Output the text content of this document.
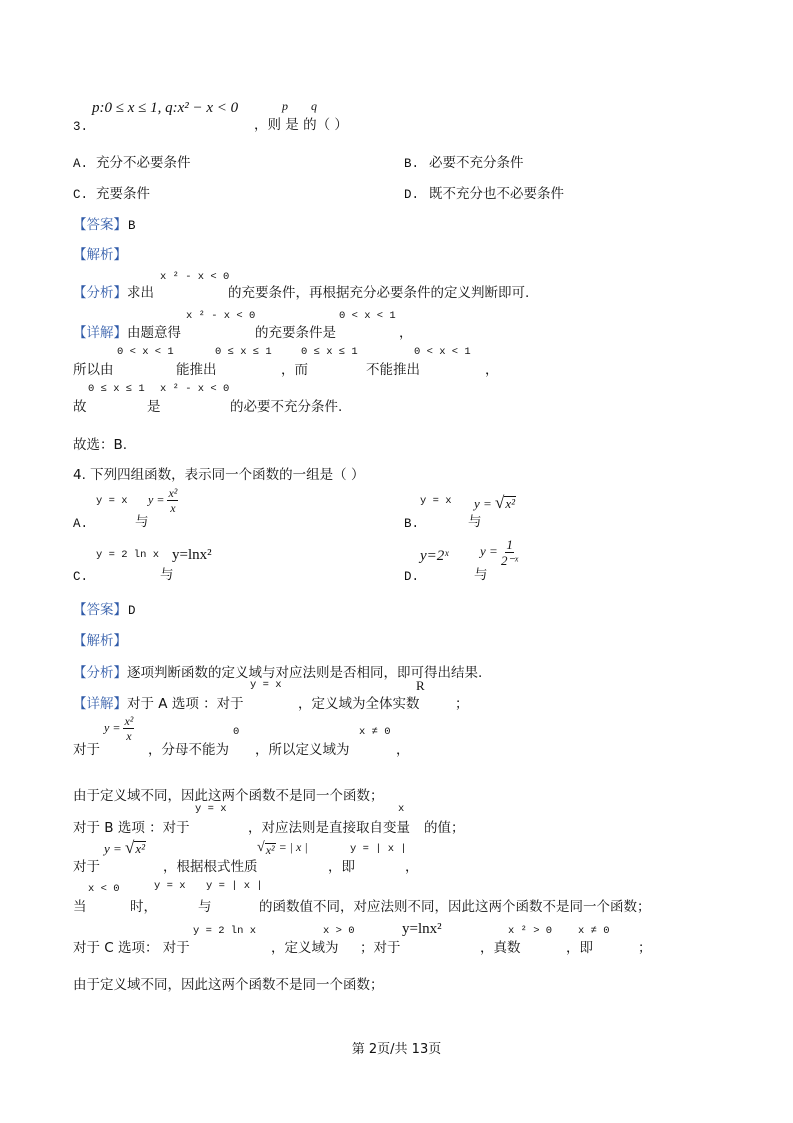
p:0 ≤ x ≤ 1, q:x² − x < 0	p q
3.	，则 是 的（ ）
A. 充分不必要条件	B. 必要不充分条件
C. 充要条件	D. 既不充分也不必要条件
【答案】 B
【解析】
x ² - x < 0
【分析】求出	的充要条件，再根据充分必要条件的定义判断即可.
x ² - x < 0	0 < x < 1
【详解】由题意得	的充要条件是	，
0 < x < 1	0 ≤ x ≤ 1	0 ≤ x ≤ 1	0 < x < 1
所以由	能推出	，而	不能推出	，
0 ≤ x ≤ 1 x ² - x < 0
故	是	的必要不充分条件.
故选：B.
4. 下列四组函数，表示同一个函数的一组是（ ）
y = x $y = \frac{\text{x²}}{x}$
A.	与
y = x y = √ x²
B.	与
y = 2 ln x y=lnx²
C.	与
y=2ˣ $y = \frac{1}{\text{2⁻ˣ}}$
D.	与
【答案】 D
【解析】
【分析】逐项判断函数的定义域与对应法则是否相同，即可得出结果.
y = x	R
【详解】对于 A 选项 ：对于	，定义域为全体实数	；
$y = \frac{\text{x²}}{x}$	0	x ≠ 0
对于	，分母不能为 ，所以定义域为	，
由于定义域不同，因此这两个函数不是同一个函数；
y = x	x
对于 B 选项 ：对于	，对应法则是直接取自变量 的值；
y = √ x²	√ x² = | x |	y = | x |
对于	，根据根式性质	，即	，
x < 0	y = x y = | x |
当	时，	与	的函数值不同，对应法则不同，因此这两个函数不是同一个函数；
y = 2 ln x	x > 0	y=lnx²	x ² > 0 x ≠ 0
对于 C 选项： 对于	，定义域为 ；对于	，真数	，即	；
由于定义域不同，因此这两个函数不是同一个函数；
第 2页/共 13页
